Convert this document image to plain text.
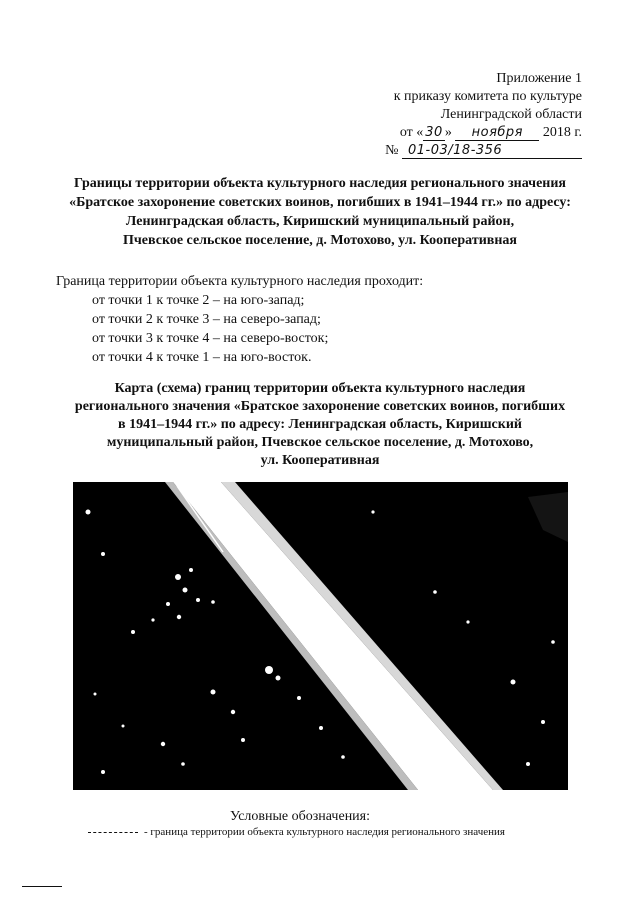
Приложение 1
к приказу комитета по культуре
Ленинградской области
от « 30 » ноября 2018 г.
№ 01-03/18-356
Границы территории объекта культурного наследия регионального значения
«Братское захоронение советских воинов, погибших в 1941–1944 гг.» по адресу:
Ленинградская область, Киришский муниципальный район,
Пчевское сельское поселение, д. Мотохово, ул. Кооперативная
Граница территории объекта культурного наследия проходит:
от точки 1 к точке 2 – на юго-запад;
от точки 2 к точке 3 – на северо-запад;
от точки 3 к точке 4 – на северо-восток;
от точки 4 к точке 1 – на юго-восток.
Карта (схема) границ территории объекта культурного наследия
регионального значения «Братское захоронение советских воинов, погибших
в 1941–1944 гг.» по адресу: Ленинградская область, Киришский
муниципальный район, Пчевское сельское поселение, д. Мотохово,
ул. Кооперативная
Условные обозначения:
- граница территории объекта культурного наследия регионального значения
